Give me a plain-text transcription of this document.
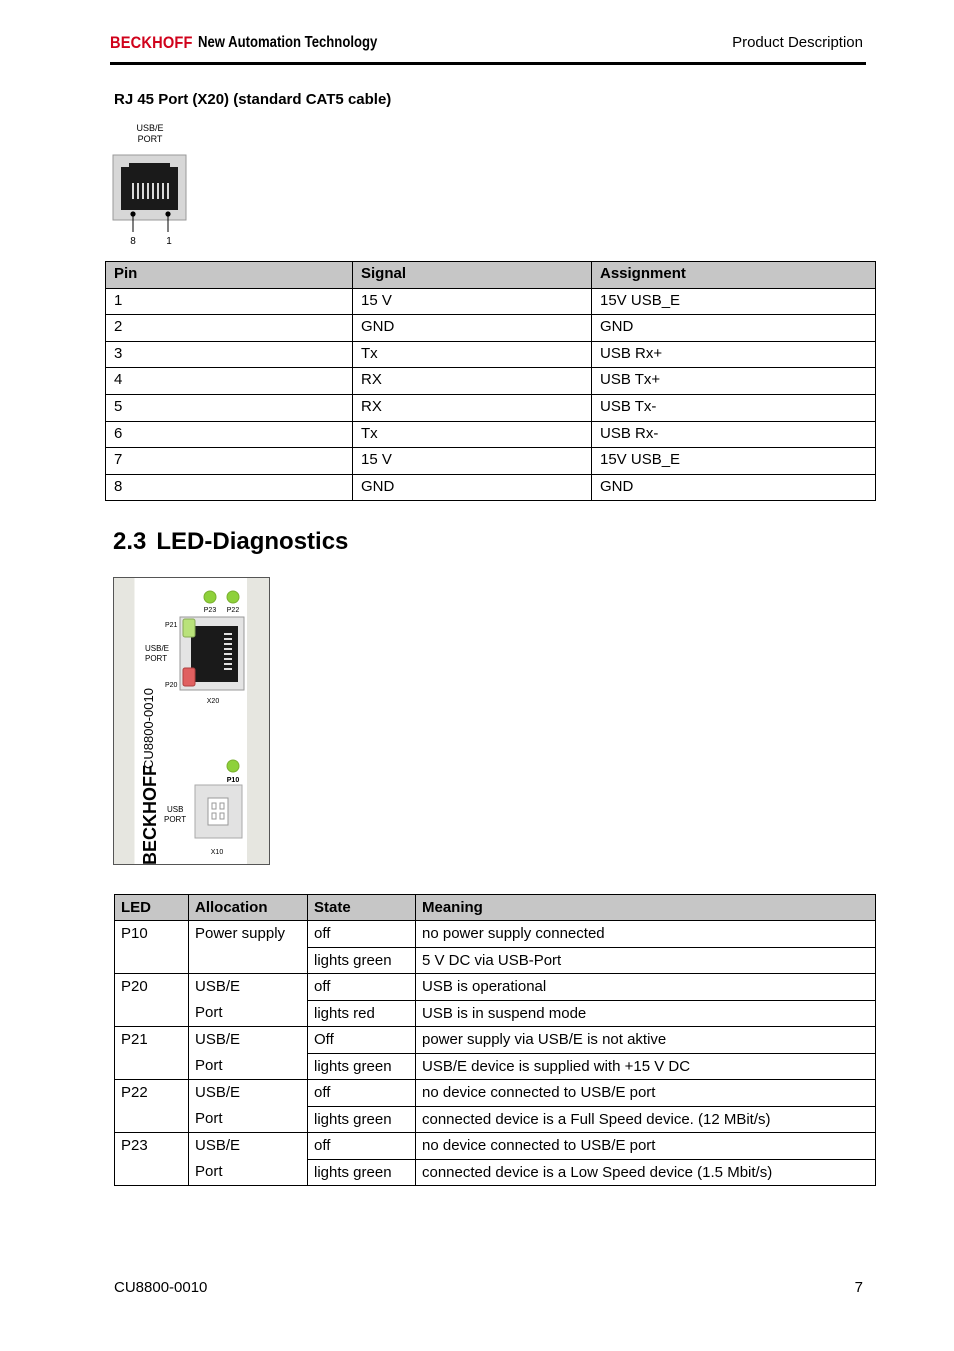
BECKHOFF New Automation Technology	Product Description
RJ 45 Port (X20) (standard CAT5 cable)
USB/E
PORT
8	1
Pin	Signal	Assignment
1	15 V	15V USB_E
2	GND	GND
3	Tx	USB Rx+
4	RX	USB Tx+
5	RX	USB Tx-
6	Tx	USB Rx-
7	15 V	15V USB_E
8	GND	GND
2.3 LED-Diagnostics
P23 P22
P21
USB/E
PORT
P20
X20
CU8800-0010
BECKHOFF	P10
USB
PORT
X10
LED	Allocation	State	Meaning
P10	Power supply	off	no power supply connected
		lights green	5 V DC via USB-Port
P20	USB/E	off	USB is operational
	Port	lights red	USB is in suspend mode
P21	USB/E	Off	power supply via USB/E is not aktive
	Port	lights green	USB/E device is supplied with +15 V DC
P22	USB/E	off	no device connected to USB/E port
	Port	lights green	connected device is a Full Speed device. (12 MBit/s)
P23	USB/E	off	no device connected to USB/E port
	Port	lights green	connected device is a Low Speed device (1.5 Mbit/s)
CU8800-0010	7
